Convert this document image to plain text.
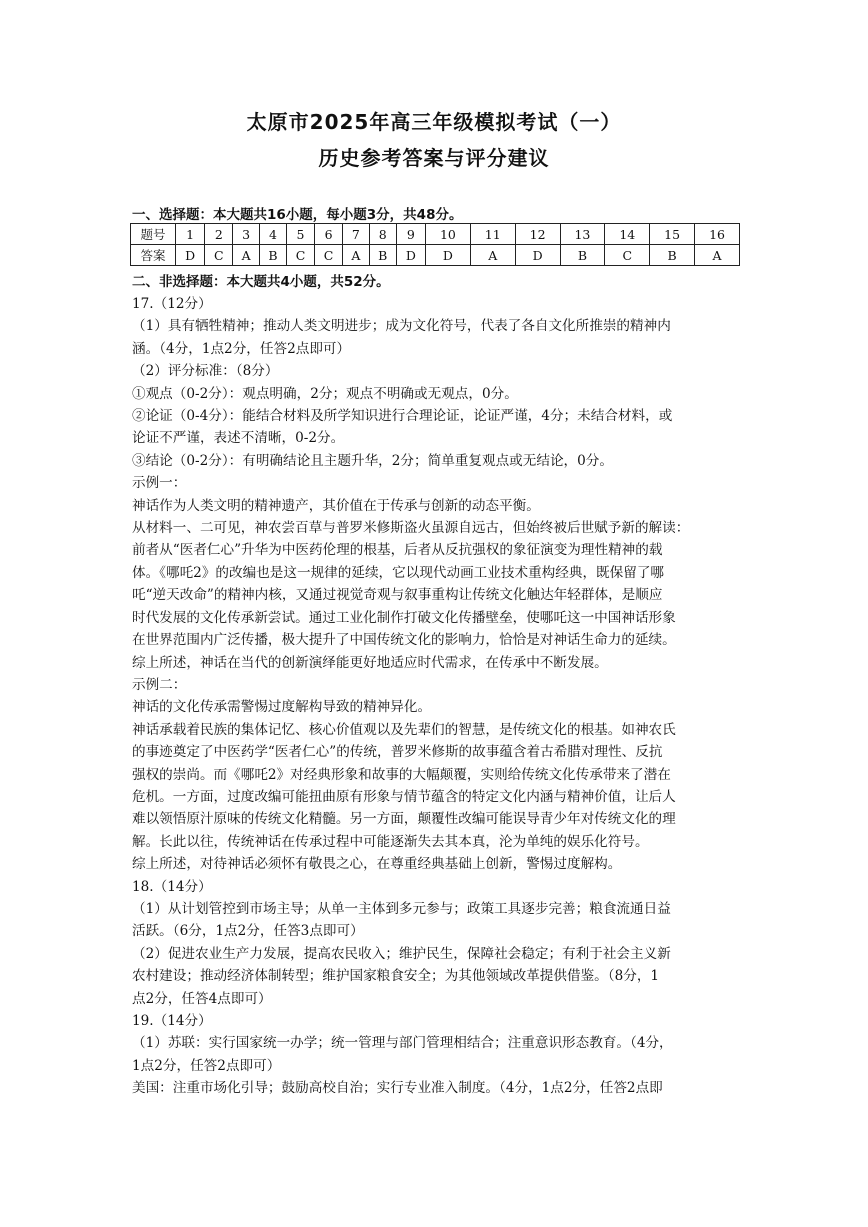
太原市2025年高三年级模拟考试（一）
历史参考答案与评分建议
一、选择题：本大题共16小题，每小题3分，共48分。
题号	1	2	3	4	5	6	7	8	9	10	11	12	13	14	15	16
答案	D	C	A	B	C	C	A	B	D	D	A	D	B	C	B	A
二、非选择题：本大题共4小题，共52分。

17.（12分）

（1）具有牺牲精神；推动人类文明进步；成为文化符号，代表了各自文化所推崇的精神内

涵。（4分，1点2分，任答2点即可）

（2）评分标准：（8分）

①观点（0-2分）：观点明确，2分；观点不明确或无观点，0分。

②论证（0-4分）：能结合材料及所学知识进行合理论证，论证严谨，4分；未结合材料，或

论证不严谨，表述不清晰，0-2分。

③结论（0-2分）：有明确结论且主题升华，2分；简单重复观点或无结论，0分。

示例一：

神话作为人类文明的精神遗产，其价值在于传承与创新的动态平衡。

从材料一、二可见，神农尝百草与普罗米修斯盗火虽源自远古，但始终被后世赋予新的解读：

前者从“医者仁心”升华为中医药伦理的根基，后者从反抗强权的象征演变为理性精神的载

体。《哪吒2》的改编也是这一规律的延续，它以现代动画工业技术重构经典，既保留了哪

吒“逆天改命”的精神内核，又通过视觉奇观与叙事重构让传统文化触达年轻群体，是顺应

时代发展的文化传承新尝试。通过工业化制作打破文化传播壁垒，使哪吒这一中国神话形象

在世界范围内广泛传播，极大提升了中国传统文化的影响力，恰恰是对神话生命力的延续。

综上所述，神话在当代的创新演绎能更好地适应时代需求，在传承中不断发展。

示例二：

神话的文化传承需警惕过度解构导致的精神异化。

神话承载着民族的集体记忆、核心价值观以及先辈们的智慧，是传统文化的根基。如神农氏

的事迹奠定了中医药学“医者仁心”的传统，普罗米修斯的故事蕴含着古希腊对理性、反抗

强权的崇尚。而《哪吒2》对经典形象和故事的大幅颠覆，实则给传统文化传承带来了潜在

危机。一方面，过度改编可能扭曲原有形象与情节蕴含的特定文化内涵与精神价值，让后人

难以领悟原汁原味的传统文化精髓。另一方面，颠覆性改编可能误导青少年对传统文化的理

解。长此以往，传统神话在传承过程中可能逐渐失去其本真，沦为单纯的娱乐化符号。

综上所述，对待神话必须怀有敬畏之心，在尊重经典基础上创新，警惕过度解构。

18.（14分）

（1）从计划管控到市场主导；从单一主体到多元参与；政策工具逐步完善；粮食流通日益

活跃。（6分，1点2分，任答3点即可）

（2）促进农业生产力发展，提高农民收入；维护民生，保障社会稳定；有利于社会主义新

农村建设；推动经济体制转型；维护国家粮食安全；为其他领域改革提供借鉴。（8分，1

点2分，任答4点即可）

19.（14分）

（1）苏联：实行国家统一办学；统一管理与部门管理相结合；注重意识形态教育。（4分，

1点2分，任答2点即可）

美国：注重市场化引导；鼓励高校自治；实行专业准入制度。（4分，1点2分，任答2点即
